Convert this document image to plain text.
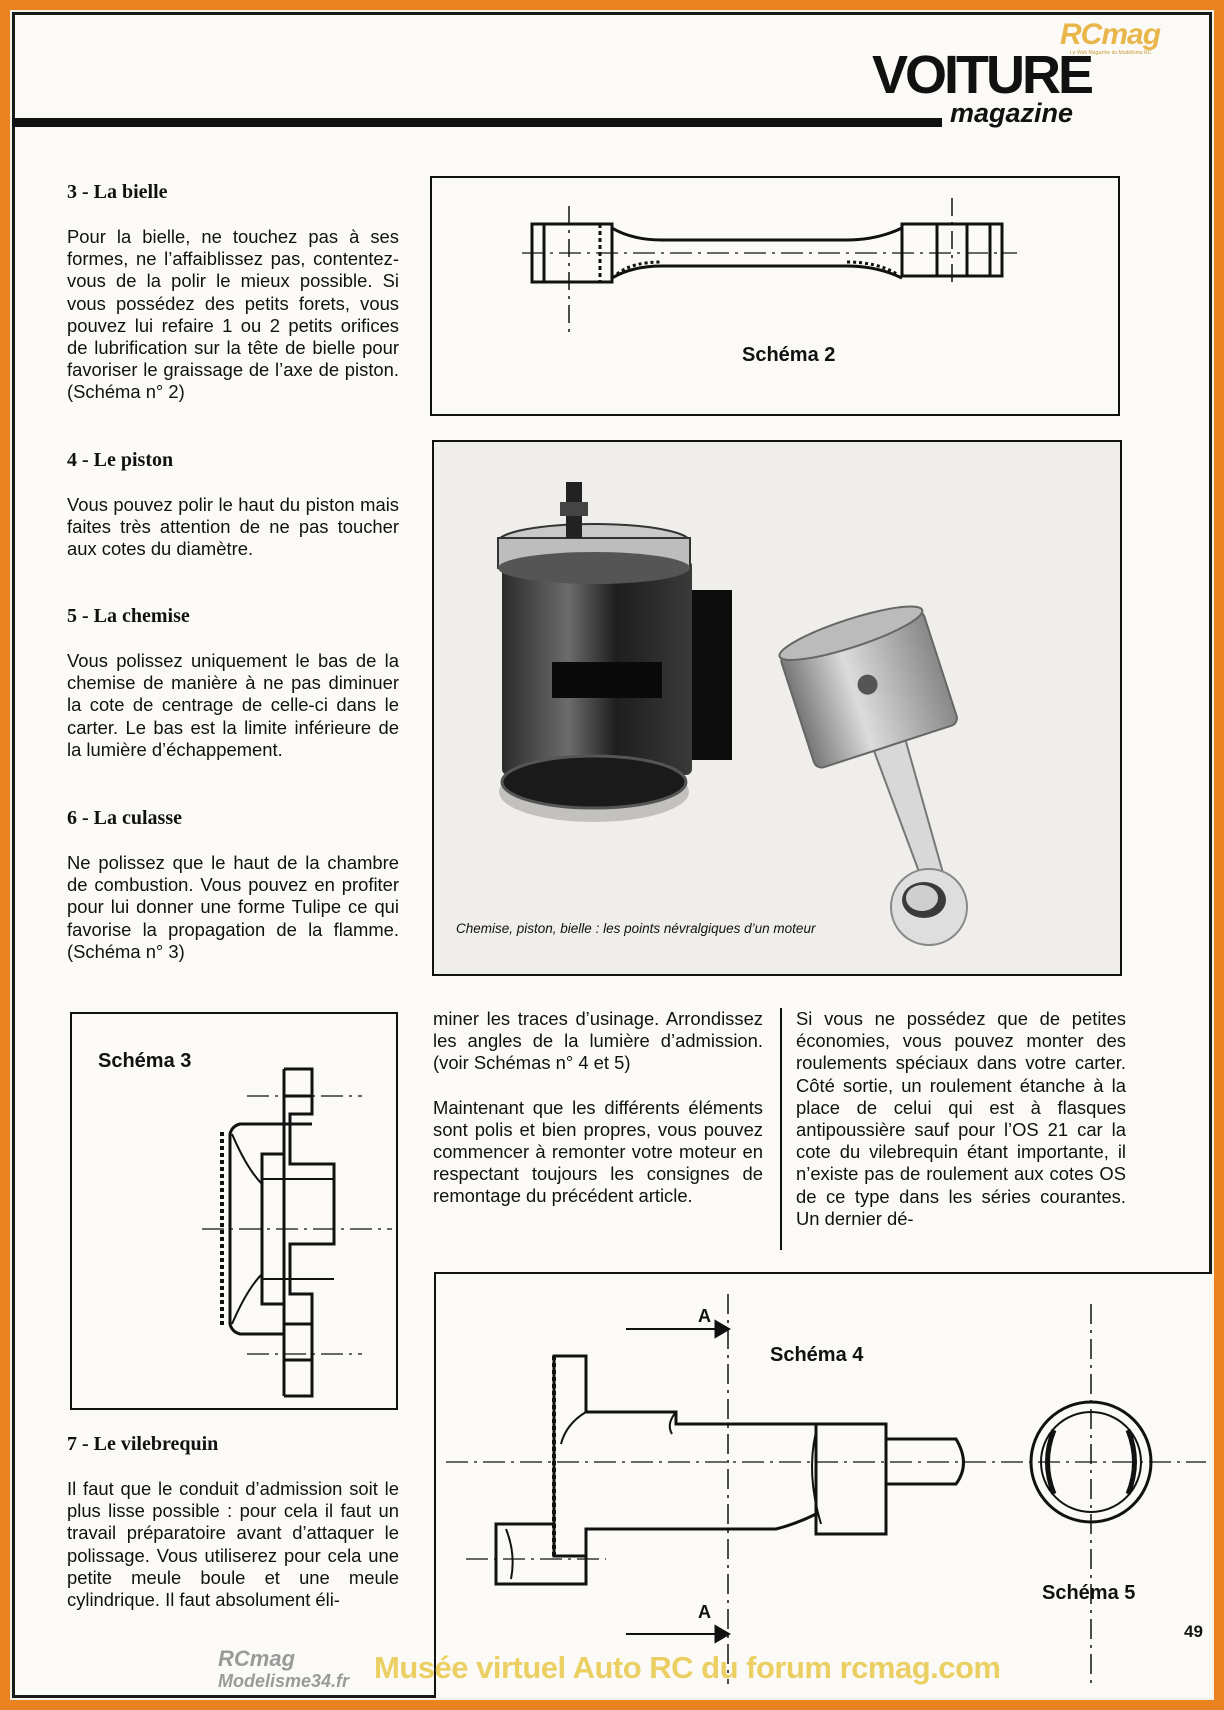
VOITURE
magazine
RCmag
Le Web Magazine du Modélisme RC
3 - La bielle

Pour la bielle, ne touchez pas à ses formes, ne l’affaiblissez pas, contentez-vous de la polir le mieux possible. Si vous possédez des petits forets, vous pouvez lui refaire 1 ou 2 petits orifices de lubrification sur la tête de bielle pour favoriser le graissage de l’axe de piston. (Schéma n° 2)

4 - Le piston

Vous pouvez polir le haut du piston mais faites très attention de ne pas toucher aux cotes du diamètre.

5 - La chemise

Vous polissez uniquement le bas de la chemise de manière à ne pas diminuer la cote de centrage de celle-ci dans le carter. Le bas est la limite inférieure de la lumière d’échappement.

6 - La culasse

Ne polissez que le haut de la chambre de combustion. Vous pouvez en profiter pour lui donner une forme Tulipe ce qui favorise la propagation de la flamme. (Schéma n° 3)

7 - Le vilebrequin

Il faut que le conduit d’admission soit le plus lisse possible : pour cela il faut un travail préparatoire avant d’attaquer le polissage. Vous utiliserez pour cela une petite meule boule et une meule cylindrique. Il faut absolument éli-

Schéma 2
Chemise, piston, bielle : les points névralgiques d’un moteur
Schéma 3

miner les traces d’usinage. Arrondissez les angles de la lumière d’admission. (voir Schémas n° 4 et 5)

Maintenant que les différents éléments sont polis et bien propres, vous pouvez commencer à remonter votre moteur en respectant toujours les consignes de remontage du précédent article.

Si vous ne possédez que de petites économies, vous pouvez monter des roulements spéciaux dans votre carter. Côté sortie, un roulement étanche à la place de celui qui est à flasques antipoussière sauf pour l’OS 21 car la cote du vilebrequin étant importante, il n’existe pas de roulement aux cotes OS de ce type dans les séries courantes. Un dernier dé-

Schéma 4
Schéma 5
A
A
49
RCmag
Modelisme34.fr Musée virtuel Auto RC du forum rcmag.com
